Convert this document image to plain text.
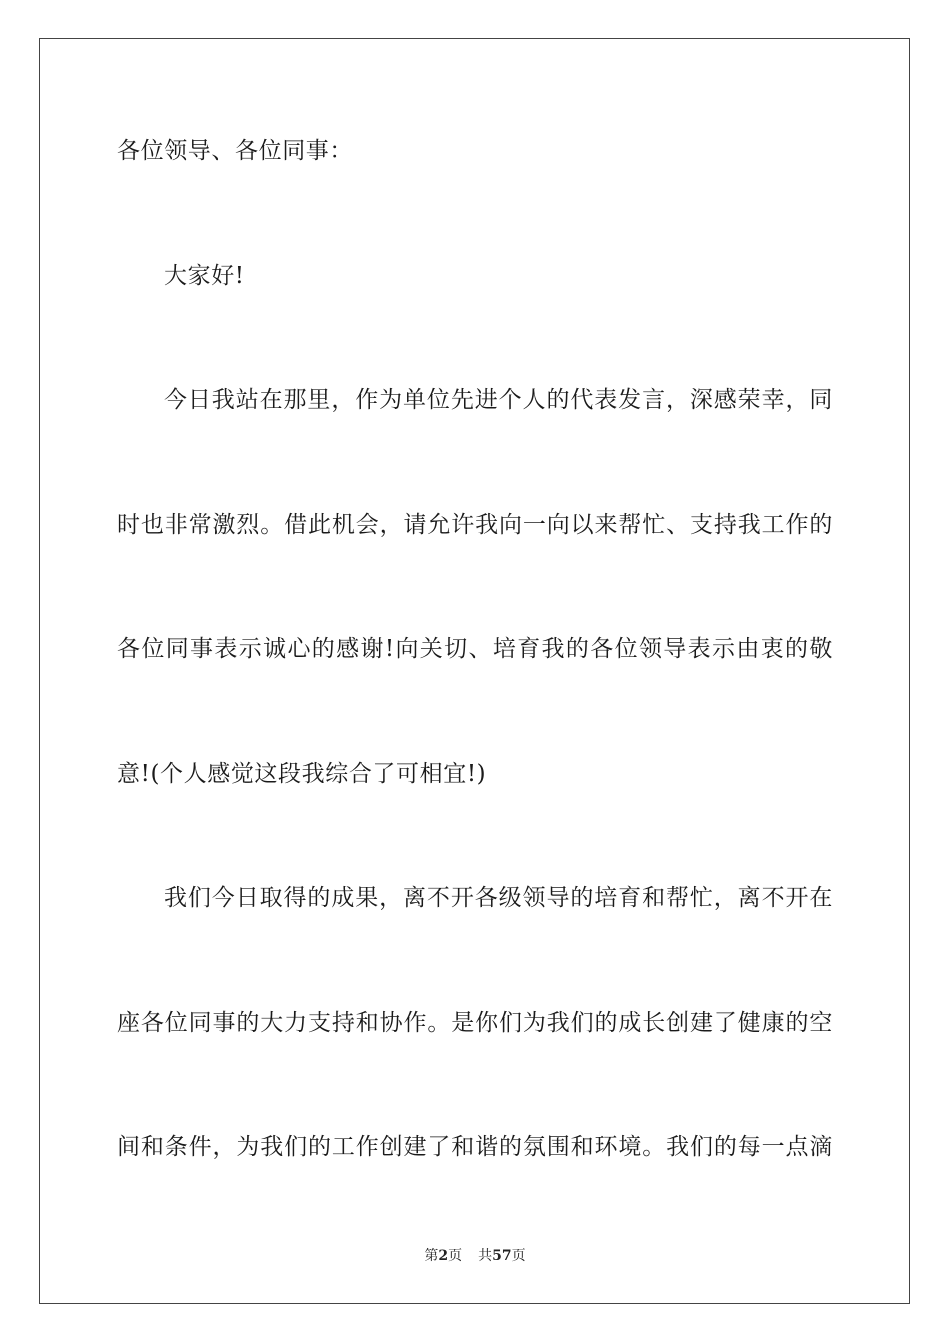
各位领导、各位同事：
大家好!
今日我站在那里，作为单位先进个人的代表发言，深感荣幸，同
时也非常激烈。借此机会，请允许我向一向以来帮忙、支持我工作的
各位同事表示诚心的感谢!向关切、培育我的各位领导表示由衷的敬
意!(个人感觉这段我综合了可相宜!)
我们今日取得的成果，离不开各级领导的培育和帮忙，离不开在
座各位同事的大力支持和协作。是你们为我们的成长创建了健康的空
间和条件，为我们的工作创建了和谐的氛围和环境。我们的每一点滴
第2页 共57页
